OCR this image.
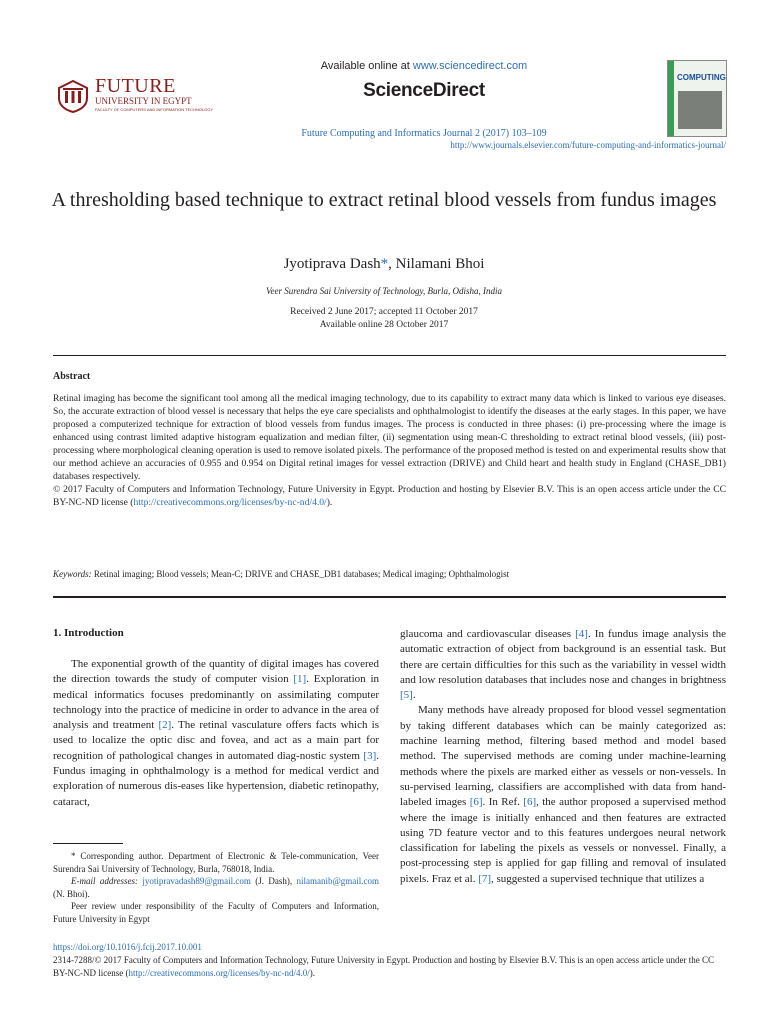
FUTURE
UNIVERSITY IN EGYPT
FACULTY OF COMPUTERS AND INFORMATION TECHNOLOGY
Available online at www.sciencedirect.com
ScienceDirect
Future Computing and Informatics Journal 2 (2017) 103–109
http://www.journals.elsevier.com/future-computing-and-informatics-journal/
COMPUTING
A thresholding based technique to extract retinal blood vessels from fundus images
Jyotiprava Dash*, Nilamani Bhoi
Veer Surendra Sai University of Technology, Burla, Odisha, India
Received 2 June 2017; accepted 11 October 2017
Available online 28 October 2017
Abstract
Retinal imaging has become the significant tool among all the medical imaging technology, due to its capability to extract many data which is linked to various eye diseases. So, the accurate extraction of blood vessel is necessary that helps the eye care specialists and ophthalmologist to identify the diseases at the early stages. In this paper, we have proposed a computerized technique for extraction of blood vessels from fundus images. The process is conducted in three phases: (i) pre-processing where the image is enhanced using contrast limited adaptive histogram equalization and median filter, (ii) segmentation using mean-C thresholding to extract retinal blood vessels, (iii) post-processing where morphological cleaning operation is used to remove isolated pixels. The performance of the proposed method is tested on and experimental results show that our method achieve an accuracies of 0.955 and 0.954 on Digital retinal images for vessel extraction (DRIVE) and Child heart and health study in England (CHASE_DB1) databases respectively.
© 2017 Faculty of Computers and Information Technology, Future University in Egypt. Production and hosting by Elsevier B.V. This is an open access article under the CC BY-NC-ND license (http://creativecommons.org/licenses/by-nc-nd/4.0/).
Keywords: Retinal imaging; Blood vessels; Mean-C; DRIVE and CHASE_DB1 databases; Medical imaging; Ophthalmologist
1. Introduction

The exponential growth of the quantity of digital images has covered the direction towards the study of computer vision [1]. Exploration in medical informatics focuses predominantly on assimilating computer technology into the practice of medicine in order to advance in the area of analysis and treatment [2]. The retinal vasculature offers facts which is used to localize the optic disc and fovea, and act as a main part for recognition of pathological changes in automated diag-nostic system [3]. Fundus imaging in ophthalmology is a method for medical verdict and exploration of numerous dis-eases like hypertension, diabetic retinopathy, cataract,

* Corresponding author. Department of Electronic & Tele-communication, Veer Surendra Sai University of Technology, Burla, 768018, India.
E-mail addresses: jyotipravadash89@gmail.com (J. Dash), nilamanib@gmail.com (N. Bhoi).
Peer review under responsibility of the Faculty of Computers and Information, Future University in Egypt

glaucoma and cardiovascular diseases [4]. In fundus image analysis the automatic extraction of object from background is an essential task. But there are certain difficulties for this such as the variability in vessel width and low resolution databases that includes nose and changes in brightness [5].

Many methods have already proposed for blood vessel segmentation by taking different databases which can be mainly categorized as: machine learning method, filtering based method and model based method. The supervised methods are coming under machine-learning methods where the pixels are marked either as vessels or non-vessels. In su-pervised learning, classifiers are accomplished with data from hand-labeled images [6]. In Ref. [6], the author proposed a supervised method where the image is initially enhanced and then features are extracted using 7D feature vector and to this features undergoes neural network classification for labeling the pixels as vessels or nonvessel. Finally, a post-processing step is applied for gap filling and removal of insulated pixels. Fraz et al. [7], suggested a supervised technique that utilizes a

https://doi.org/10.1016/j.fcij.2017.10.001
2314-7288/© 2017 Faculty of Computers and Information Technology, Future University in Egypt. Production and hosting by Elsevier B.V. This is an open access article under the CC BY-NC-ND license (http://creativecommons.org/licenses/by-nc-nd/4.0/).
